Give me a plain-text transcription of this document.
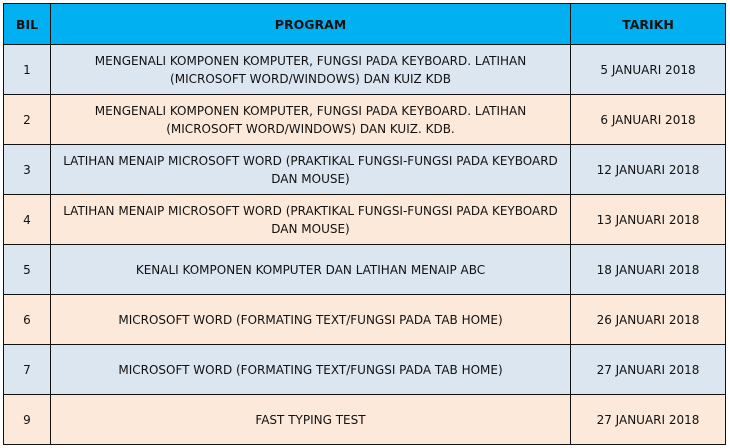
BIL	PROGRAM	TARIKH
1	MENGENALI KOMPONEN KOMPUTER, FUNGSI PADA KEYBOARD. LATIHAN (MICROSOFT WORD/WINDOWS) DAN KUIZ KDB	5 JANUARI 2018
2	MENGENALI KOMPONEN KOMPUTER, FUNGSI PADA KEYBOARD. LATIHAN (MICROSOFT WORD/WINDOWS) DAN KUIZ. KDB.	6 JANUARI 2018
3	LATIHAN MENAIP MICROSOFT WORD (PRAKTIKAL FUNGSI-FUNGSI PADA KEYBOARD DAN MOUSE)	12 JANUARI 2018
4	LATIHAN MENAIP MICROSOFT WORD (PRAKTIKAL FUNGSI-FUNGSI PADA KEYBOARD DAN MOUSE)	13 JANUARI 2018
5	KENALI KOMPONEN KOMPUTER DAN LATIHAN MENAIP ABC	18 JANUARI 2018
6	MICROSOFT WORD (FORMATING TEXT/FUNGSI PADA TAB HOME)	26 JANUARI 2018
7	MICROSOFT WORD (FORMATING TEXT/FUNGSI PADA TAB HOME)	27 JANUARI 2018
9	FAST TYPING TEST	27 JANUARI 2018
